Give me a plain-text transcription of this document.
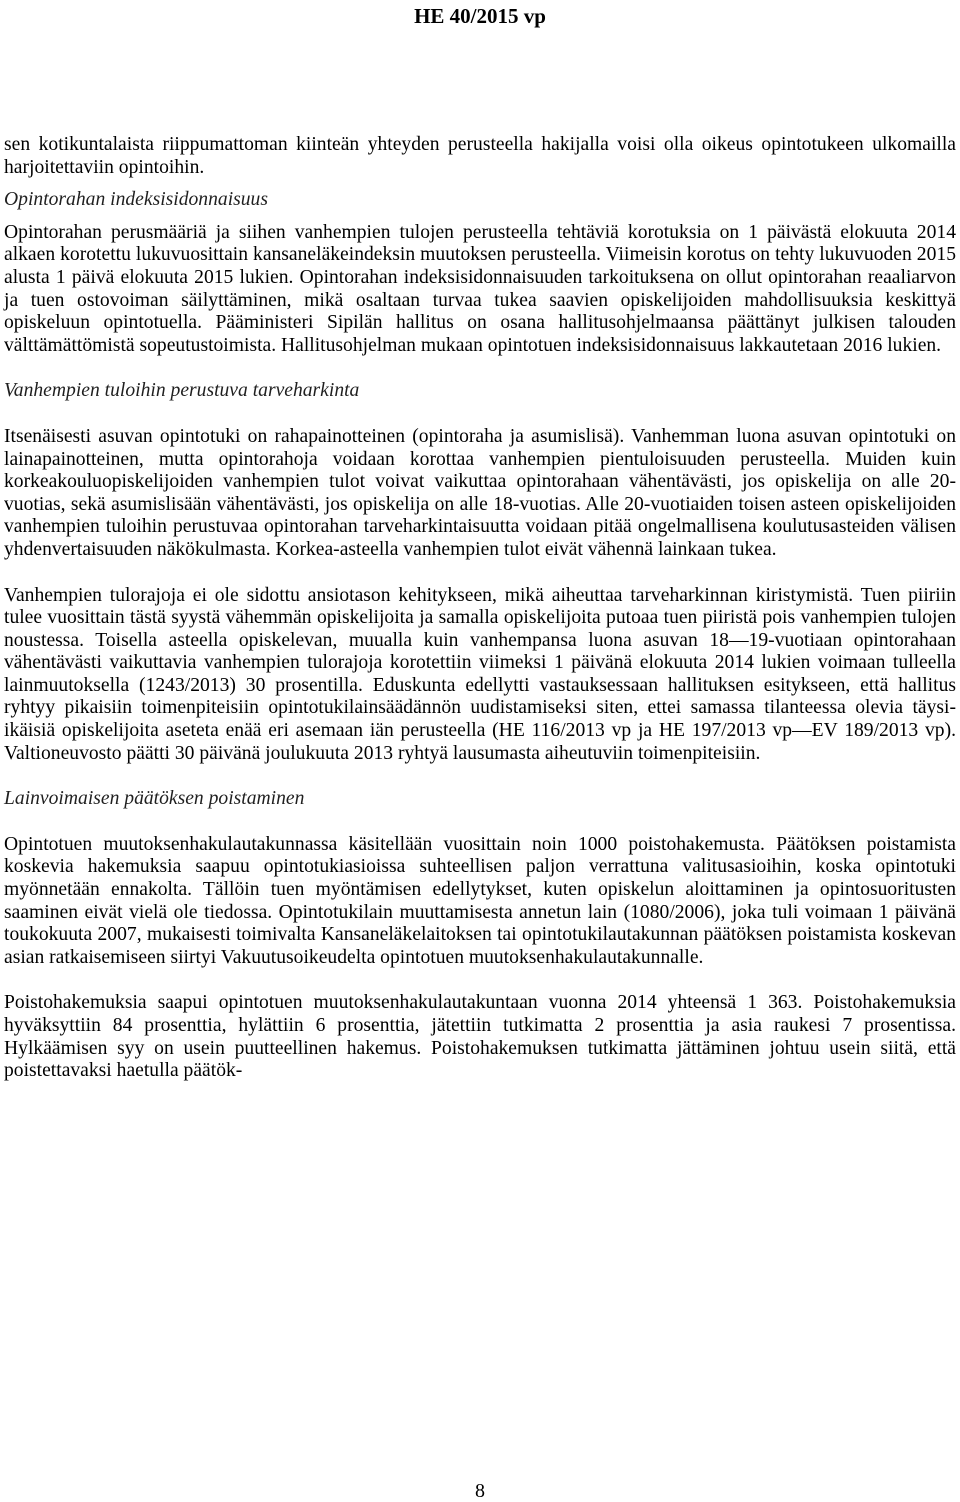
HE 40/2015 vp

sen kotikuntalaista riippumattoman kiinteän yhteyden perusteella hakijalla voisi olla oikeus opintotukeen ulkomailla harjoitettaviin opintoihin.

Opintorahan indeksisidonnaisuus

Opintorahan perusmääriä ja siihen vanhempien tulojen perusteella tehtäviä korotuksia on 1 päivästä elokuuta 2014 alkaen korotettu lukuvuosittain kansaneläkeindeksin muutoksen perusteella. Viimeisin korotus on tehty lukuvuoden 2015 alusta 1 päivä elokuuta 2015 lukien. Opintorahan indeksisidonnaisuuden tarkoituksena on ollut opintorahan reaaliarvon ja tuen ostovoiman säilyttäminen, mikä osaltaan turvaa tukea saavien opiskelijoiden mahdollisuuksia keskittyä opiskeluun opintotuella. Pääministeri Sipilän hallitus on osana hallitusohjelmaansa päättänyt julkisen talouden välttämättömistä sopeutustoimista. Hallitusohjelman mukaan opintotuen indeksisidonnaisuus lakkautetaan 2016 lukien.

Vanhempien tuloihin perustuva tarveharkinta

Itsenäisesti asuvan opintotuki on rahapainotteinen (opintoraha ja asumislisä). Vanhemman luona asuvan opintotuki on lainapainotteinen, mutta opintorahoja voidaan korottaa vanhempien pientuloisuuden perusteella. Muiden kuin korkeakouluopiskelijoiden vanhempien tulot voivat vaikuttaa opintorahaan vähentävästi, jos opiskelija on alle 20-vuotias, sekä asumislisään vähentävästi, jos opiskelija on alle 18-vuotias. Alle 20-vuotiaiden toisen asteen opiskelijoiden vanhempien tuloihin perustuvaa opintorahan tarveharkintaisuutta voidaan pitää ongelmallisena koulutusasteiden välisen yhdenvertaisuuden näkökulmasta. Korkea-asteella vanhempien tulot eivät vähennä lainkaan tukea.

Vanhempien tulorajoja ei ole sidottu ansiotason kehitykseen, mikä aiheuttaa tarveharkinnan kiristymistä. Tuen piiriin tulee vuosittain tästä syystä vähemmän opiskelijoita ja samalla opiskelijoita putoaa tuen piiristä pois vanhempien tulojen noustessa. Toisella asteella opiskelevan, muualla kuin vanhempansa luona asuvan 18—19-vuotiaan opintorahaan vähentävästi vaikuttavia vanhempien tulorajoja korotettiin viimeksi 1 päivänä elokuuta 2014 lukien voimaan tulleella lainmuutoksella (1243/2013) 30 prosentilla. Eduskunta edellytti vastauksessaan hallituksen esitykseen, että hallitus ryhtyy pikaisiin toimenpiteisiin opintotukilainsäädännön uudistamiseksi siten, ettei samassa tilanteessa olevia täysi-ikäisiä opiskelijoita aseteta enää eri asemaan iän perusteella (HE 116/2013 vp ja HE 197/2013 vp—EV 189/2013 vp). Valtioneuvosto päätti 30 päivänä joulukuuta 2013 ryhtyä lausumasta aiheutuviin toimenpiteisiin.

Lainvoimaisen päätöksen poistaminen

Opintotuen muutoksenhakulautakunnassa käsitellään vuosittain noin 1000 poistohakemusta. Päätöksen poistamista koskevia hakemuksia saapuu opintotukiasioissa suhteellisen paljon verrattuna valitusasioihin, koska opintotuki myönnetään ennakolta. Tällöin tuen myöntämisen edellytykset, kuten opiskelun aloittaminen ja opintosuoritusten saaminen eivät vielä ole tiedossa. Opintotukilain muuttamisesta annetun lain (1080/2006), joka tuli voimaan 1 päivänä toukokuuta 2007, mukaisesti toimivalta Kansaneläkelaitoksen tai opintotukilautakunnan päätöksen poistamista koskevan asian ratkaisemiseen siirtyi Vakuutusoikeudelta opintotuen muutoksenhakulautakunnalle.

Poistohakemuksia saapui opintotuen muutoksenhakulautakuntaan vuonna 2014 yhteensä 1 363. Poistohakemuksia hyväksyttiin 84 prosenttia, hylättiin 6 prosenttia, jätettiin tutkimatta 2 prosenttia ja asia raukesi 7 prosentissa. Hylkäämisen syy on usein puutteellinen hakemus. Poistohakemuksen tutkimatta jättäminen johtuu usein siitä, että poistettavaksi haetulla päätök-

8
